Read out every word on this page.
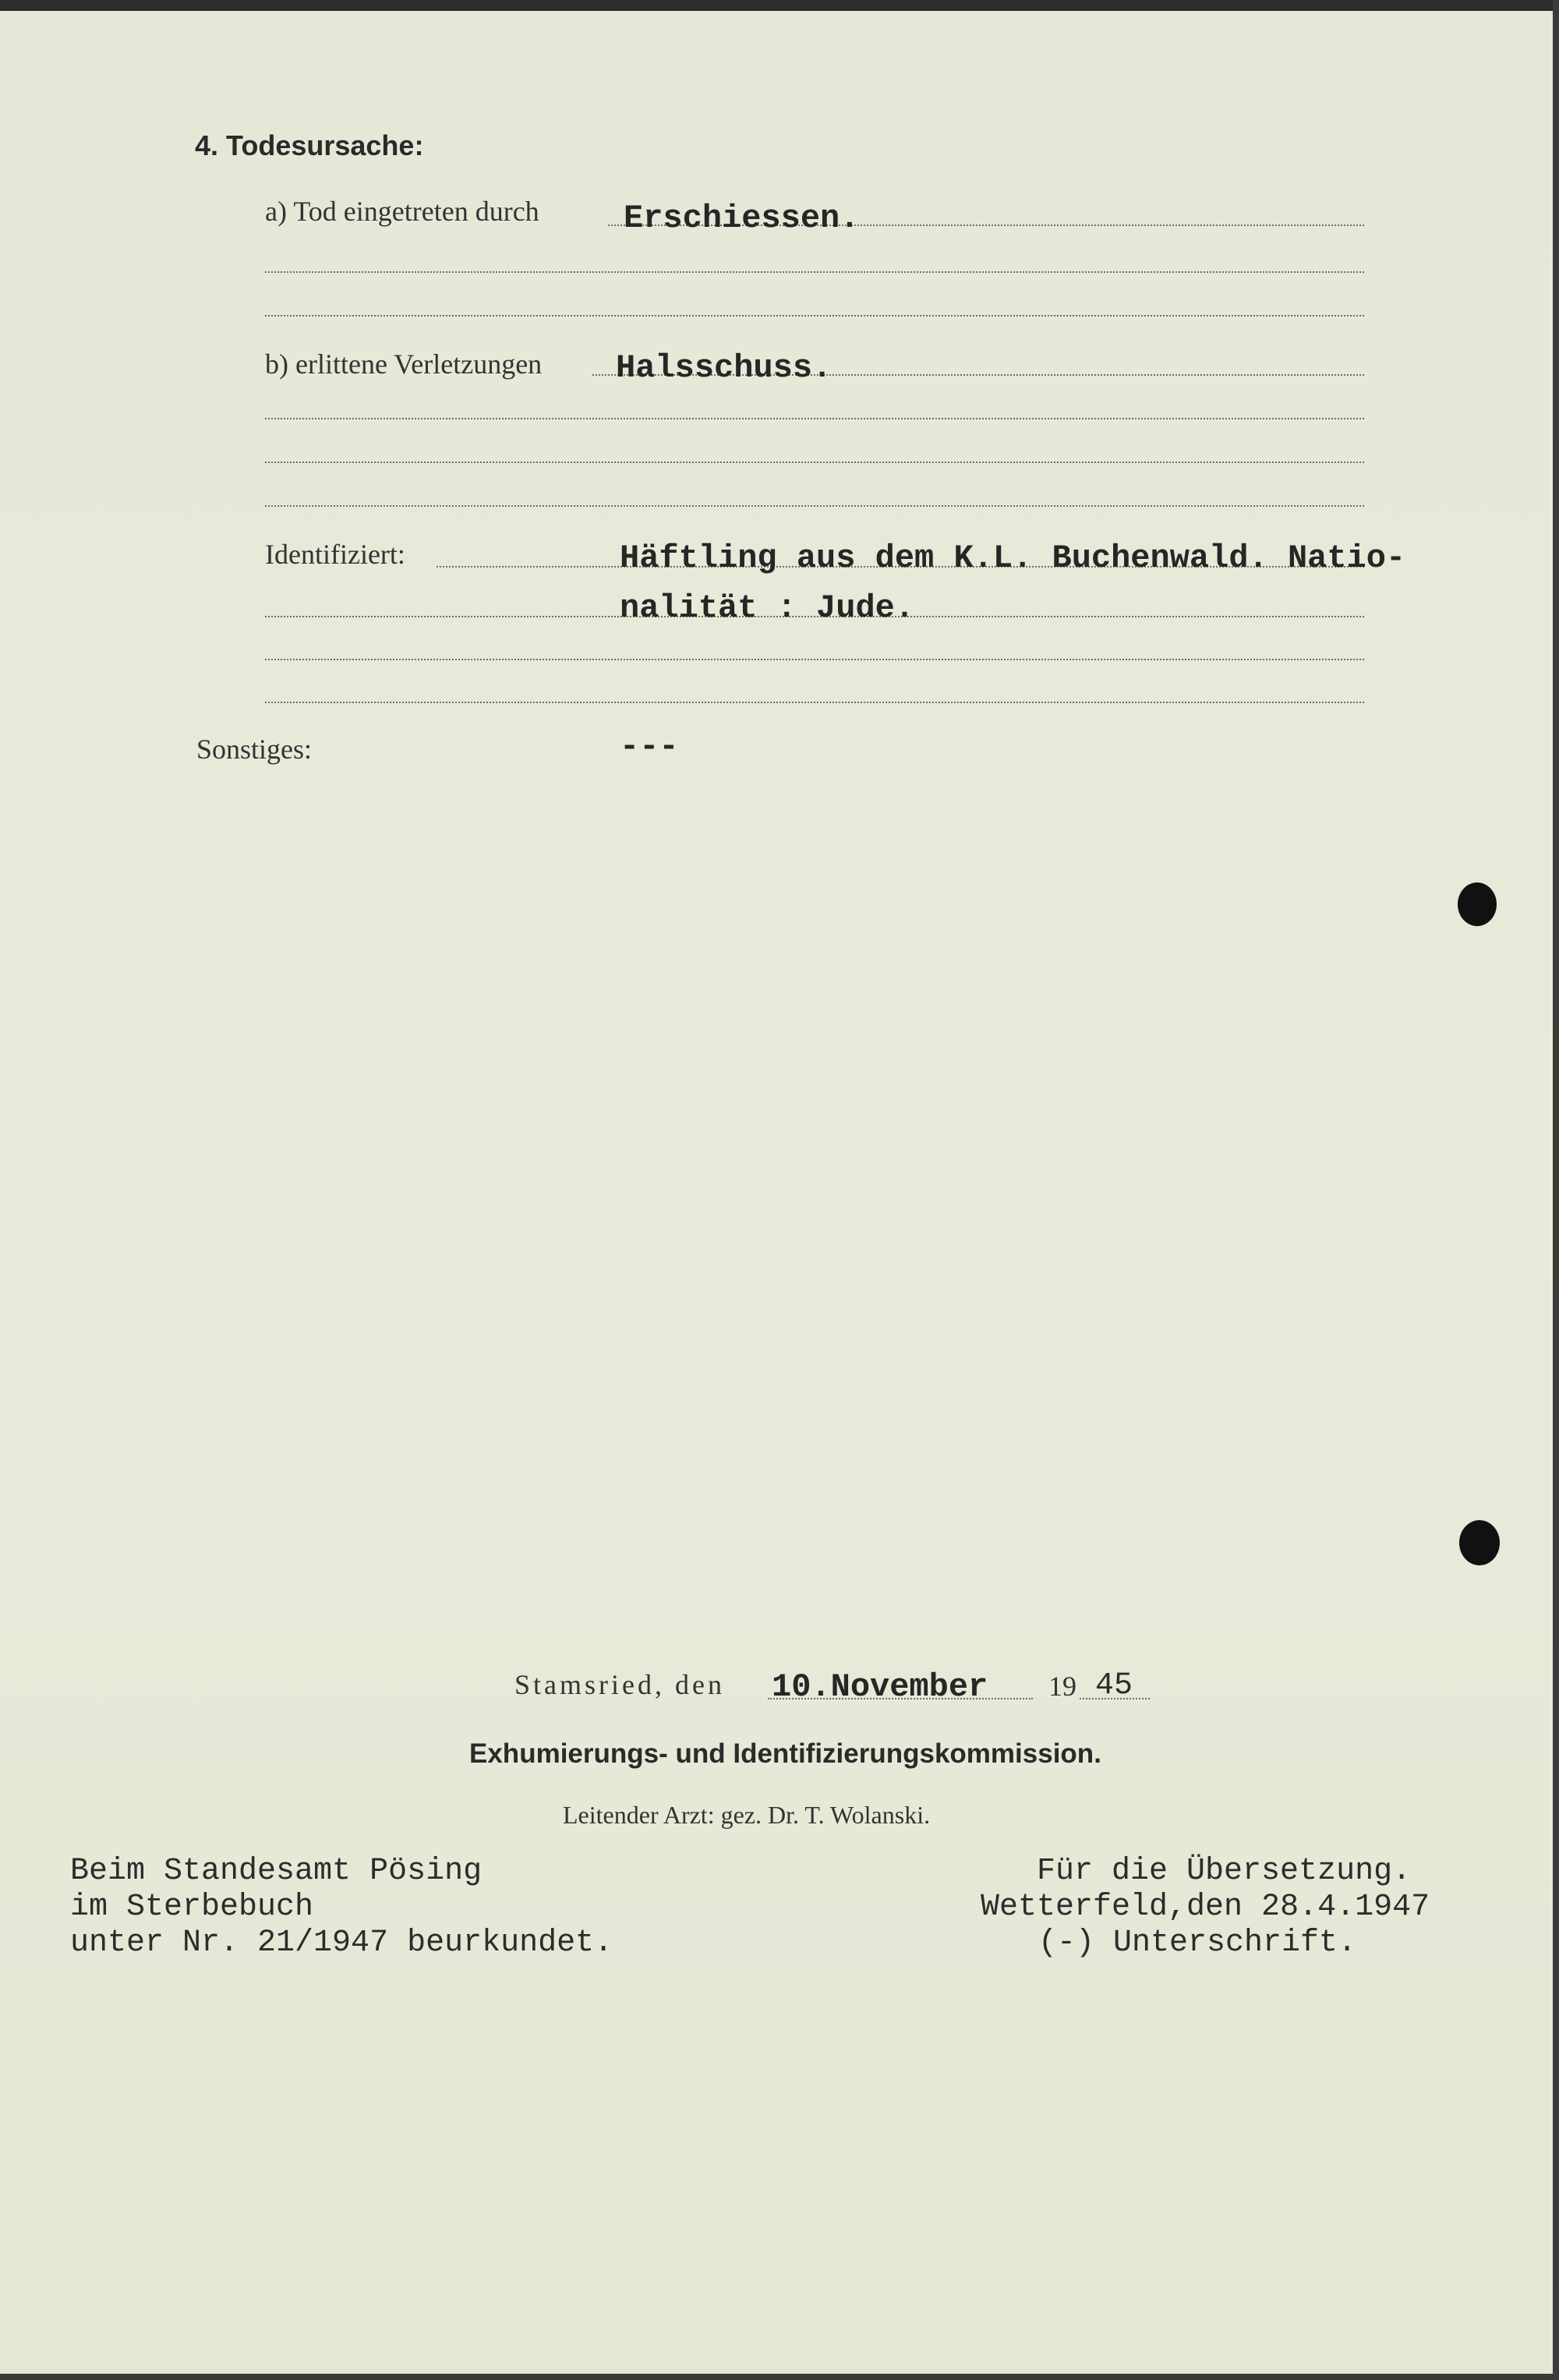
4. Todesursache:
a) Tod eingetreten durch	Erschiessen.
b) erlittene Verletzungen Halsschuss.
Identifiziert:	Häftling aus dem K.L. Buchenwald. Natio-
nalität : Jude.
Sonstiges:	---
Stamsried, den 10.November 19 45
Exhumierungs- und Identifizierungskommission.
Leitender Arzt: gez. Dr. T. Wolanski.
Beim Standesamt Pösing
im Sterbebuch
unter Nr. 21/1947 beurkundet.
Für die Übersetzung.
Wetterfeld,den 28.4.1947
(-) Unterschrift.
